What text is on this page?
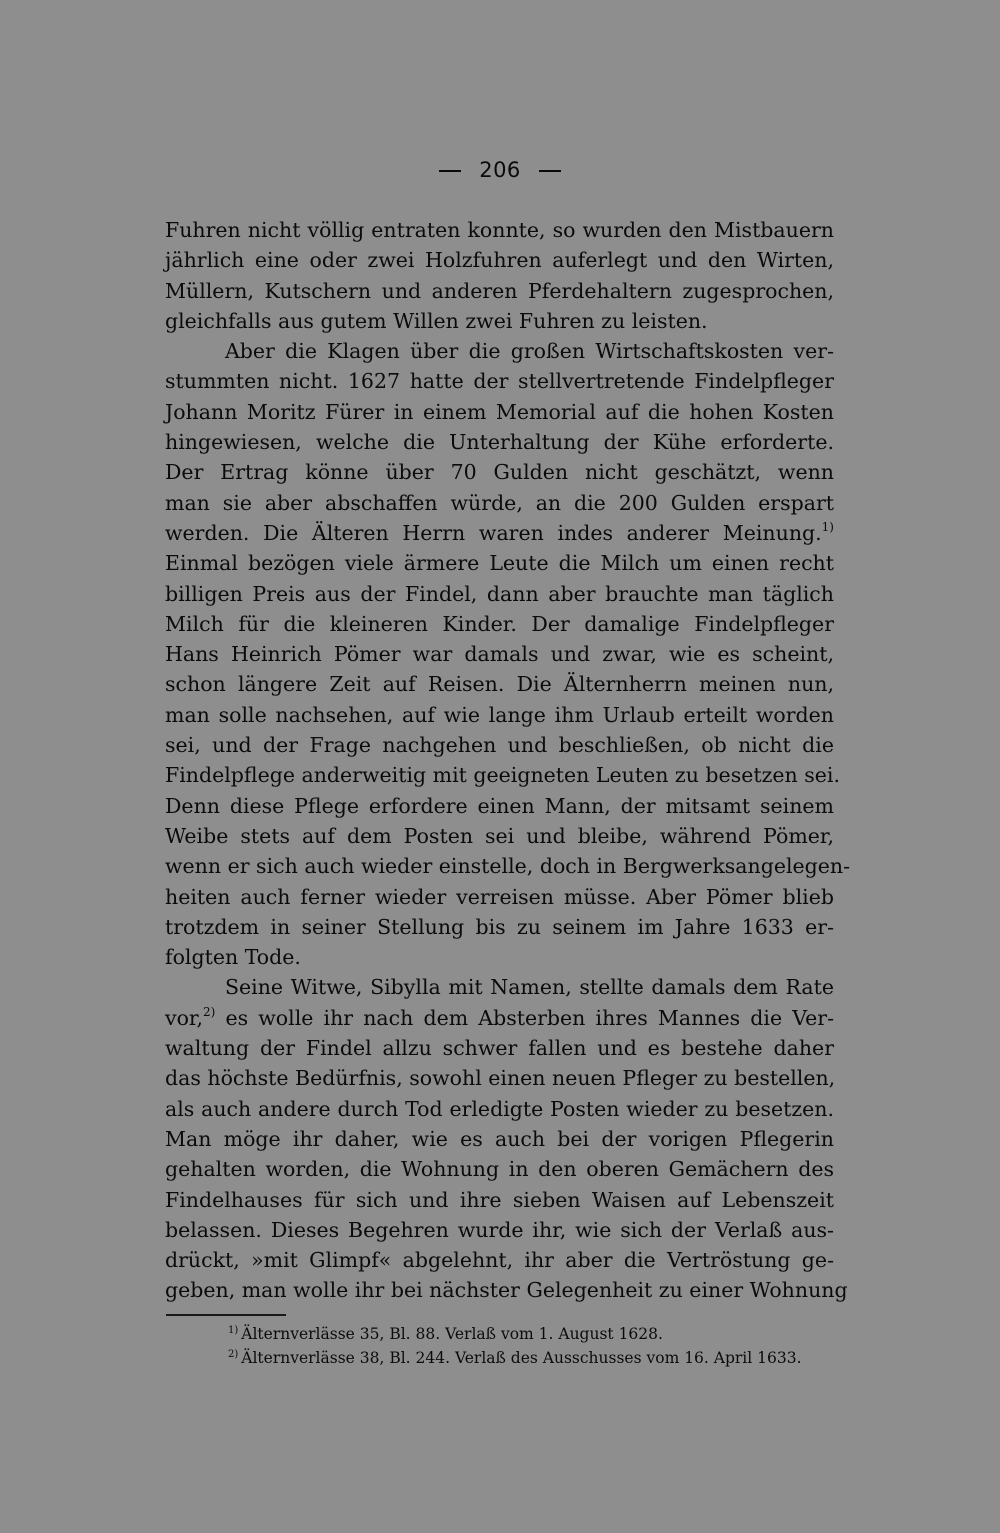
206
Fuhren nicht völlig entraten konnte, so wurden den Mistbauern
jährlich eine oder zwei Holzfuhren auferlegt und den Wirten,
Müllern, Kutschern und anderen Pferdehaltern zugesprochen,
gleichfalls aus gutem Willen zwei Fuhren zu leisten.
Aber die Klagen über die großen Wirtschaftskosten ver-
stummten nicht. 1627 hatte der stellvertretende Findelpfleger
Johann Moritz Fürer in einem Memorial auf die hohen Kosten
hingewiesen, welche die Unterhaltung der Kühe erforderte.
Der Ertrag könne über 70 Gulden nicht geschätzt, wenn
man sie aber abschaffen würde, an die 200 Gulden erspart
werden. Die Älteren Herrn waren indes anderer Meinung.$^{1)}$
Einmal bezögen viele ärmere Leute die Milch um einen recht
billigen Preis aus der Findel, dann aber brauchte man täglich
Milch für die kleineren Kinder. Der damalige Findelpfleger
Hans Heinrich Pömer war damals und zwar, wie es scheint,
schon längere Zeit auf Reisen. Die Älternherrn meinen nun,
man solle nachsehen, auf wie lange ihm Urlaub erteilt worden
sei, und der Frage nachgehen und beschließen, ob nicht die
Findelpflege anderweitig mit geeigneten Leuten zu besetzen sei.
Denn diese Pflege erfordere einen Mann, der mitsamt seinem
Weibe stets auf dem Posten sei und bleibe, während Pömer,
wenn er sich auch wieder einstelle, doch in Bergwerksangelegen-
heiten auch ferner wieder verreisen müsse. Aber Pömer blieb
trotzdem in seiner Stellung bis zu seinem im Jahre 1633 er-
folgten Tode.
Seine Witwe, Sibylla mit Namen, stellte damals dem Rate
vor,$^{2)}$ es wolle ihr nach dem Absterben ihres Mannes die Ver-
waltung der Findel allzu schwer fallen und es bestehe daher
das höchste Bedürfnis, sowohl einen neuen Pfleger zu bestellen,
als auch andere durch Tod erledigte Posten wieder zu besetzen.
Man möge ihr daher, wie es auch bei der vorigen Pflegerin
gehalten worden, die Wohnung in den oberen Gemächern des
Findelhauses für sich und ihre sieben Waisen auf Lebenszeit
belassen. Dieses Begehren wurde ihr, wie sich der Verlaß aus-
drückt, »mit Glimpf« abgelehnt, ihr aber die Vertröstung ge-
geben, man wolle ihr bei nächster Gelegenheit zu einer Wohnung
$^{1)}$ Älternverlässe 35, Bl. 88. Verlaß vom 1. August 1628.
$^{2)}$ Älternverlässe 38, Bl. 244. Verlaß des Ausschusses vom 16. April 1633.
